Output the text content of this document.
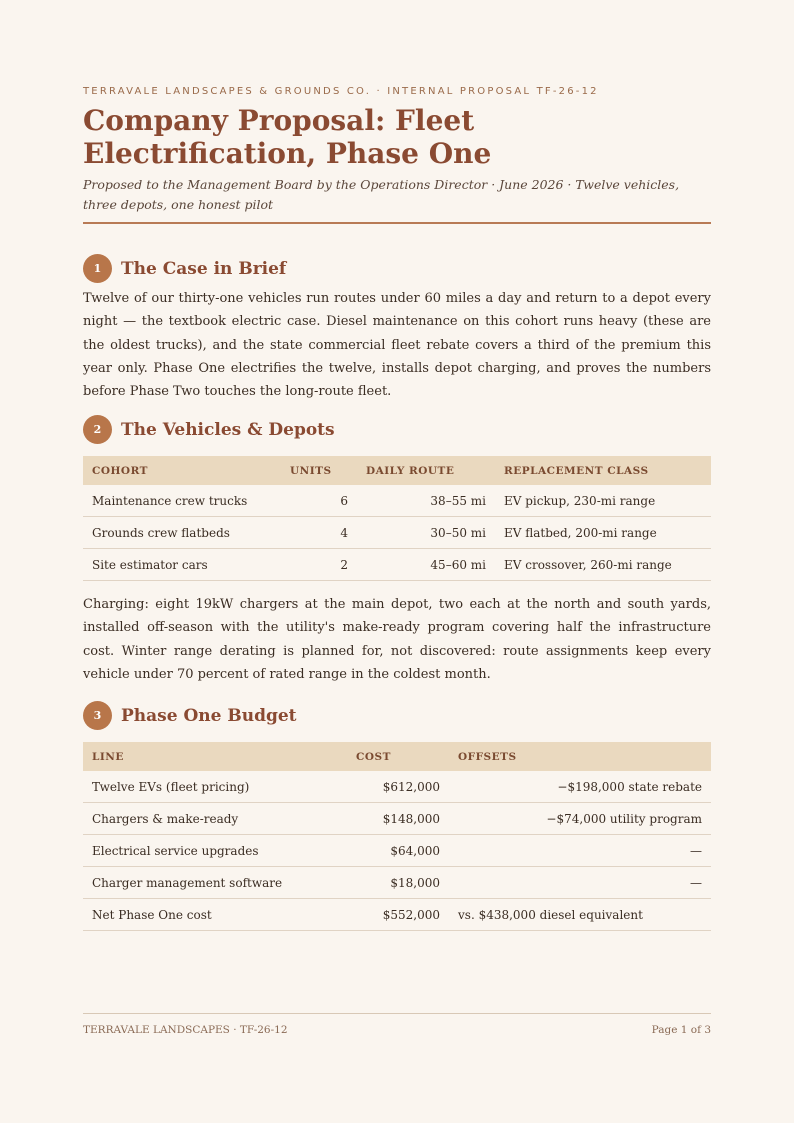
TERRAVALE LANDSCAPES & GROUNDS CO. · INTERNAL PROPOSAL TF-26-12
Company Proposal: Fleet Electrification, Phase One
Proposed to the Management Board by the Operations Director · June 2026 · Twelve vehicles, three depots, one honest pilot
1	The Case in Brief

Twelve of our thirty-one vehicles run routes under 60 miles a day and return to a depot every night — the textbook electric case. Diesel maintenance on this cohort runs heavy (these are the oldest trucks), and the state commercial fleet rebate covers a third of the premium this year only. Phase One electrifies the twelve, installs depot charging, and proves the numbers before Phase Two touches the long-route fleet.

2	The Vehicles & Depots
COHORT	UNITS	DAILY ROUTE	REPLACEMENT CLASS
Maintenance crew trucks	6	38–55 mi	EV pickup, 230-mi range
Grounds crew flatbeds	4	30–50 mi	EV flatbed, 200-mi range
Site estimator cars	2	45–60 mi	EV crossover, 260-mi range

Charging: eight 19kW chargers at the main depot, two each at the north and south yards, installed off-season with the utility's make-ready program covering half the infrastructure cost. Winter range derating is planned for, not discovered: route assignments keep every vehicle under 70 percent of rated range in the coldest month.

3	Phase One Budget
LINE	COST	OFFSETS
Twelve EVs (fleet pricing)	$612,000	−$198,000 state rebate
Chargers & make-ready	$148,000	−$74,000 utility program
Electrical service upgrades	$64,000	—
Charger management software	$18,000	—
Net Phase One cost	$552,000	vs. $438,000 diesel equivalent
TERRAVALE LANDSCAPES · TF-26-12	Page 1 of 3
